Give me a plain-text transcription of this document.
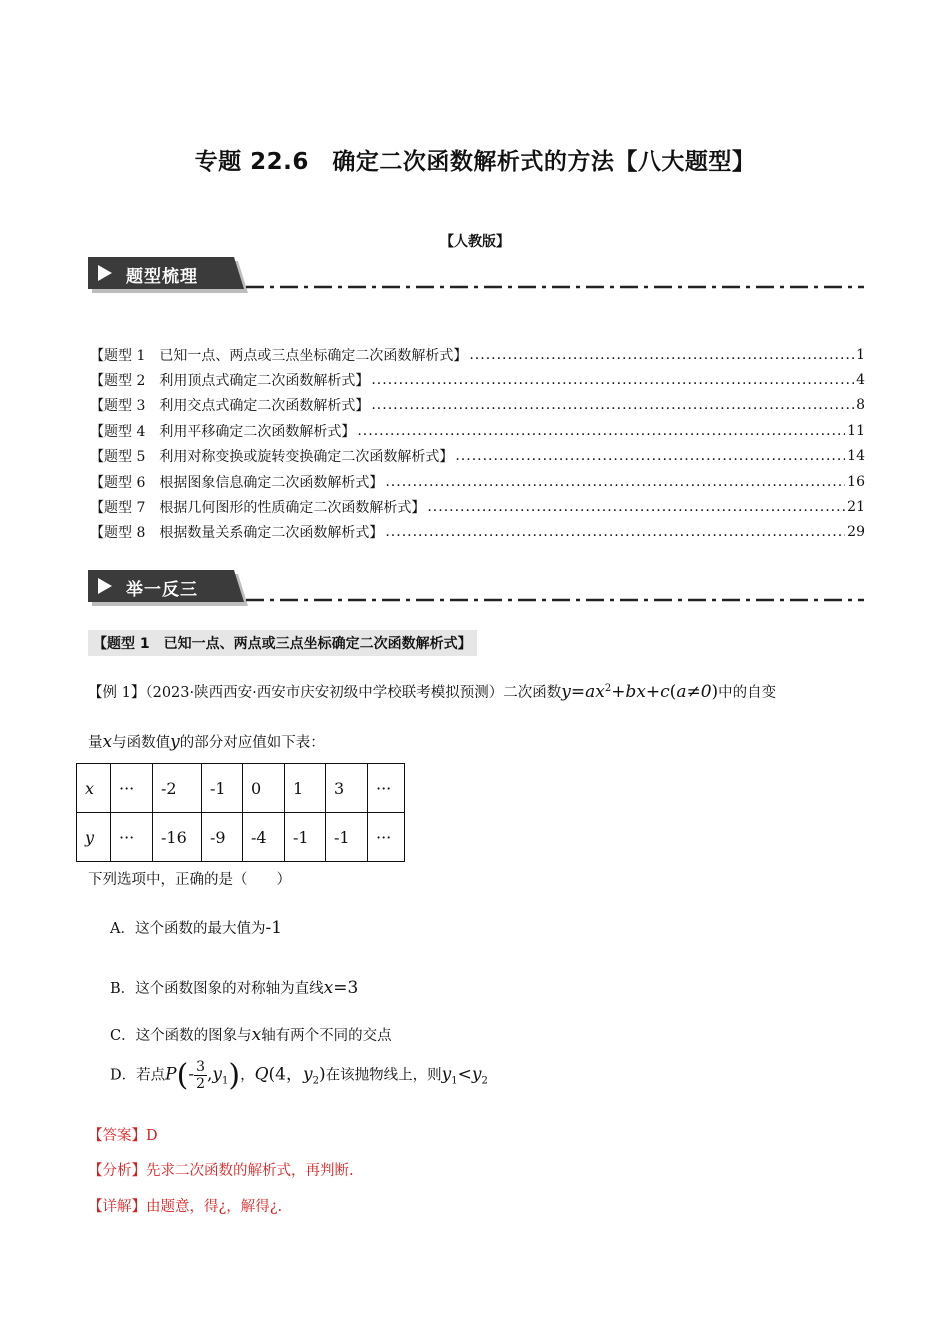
专题 22.6　确定二次函数解析式的方法【八大题型】
【人教版】
题型梳理
【题型 1　已知一点、两点或三点坐标确定二次函数解析式】 .....	1
【题型 2　利用顶点式确定二次函数解析式】 .....	4
【题型 3　利用交点式确定二次函数解析式】 .....	8
【题型 4　利用平移确定二次函数解析式】 .....	11
【题型 5　利用对称变换或旋转变换确定二次函数解析式】 .....	14
【题型 6　根据图象信息确定二次函数解析式】 .....	16
【题型 7　根据几何图形的性质确定二次函数解析式】 .....	21
【题型 8　根据数量关系确定二次函数解析式】 .....	29
举一反三
【题型 1　已知一点、两点或三点坐标确定二次函数解析式】
【例 1】（2023·陕西西安·西安市庆安初级中学校联考模拟预测）二次函数$y=ax^2+bx+c(a\ne 0)$中的自变
量x与函数值y的部分对应值如下表：
x	···	-2	-1	0	1	3	···
y	···	-16	-9	-4	-1	-1	···
下列选项中，正确的是（　　）
A．这个函数的最大值为-1
B．这个函数图象的对称轴为直线x=3
C．这个函数的图象与x轴有两个不同的交点
D．若点$P(- \frac{3}{2} ,y_1)$，Q(4，$y_2$)在该抛物线上，则$y_1<y_2$
【答案】D
【分析】先求二次函数的解析式，再判断.
【详解】由题意，得¿，解得¿.
